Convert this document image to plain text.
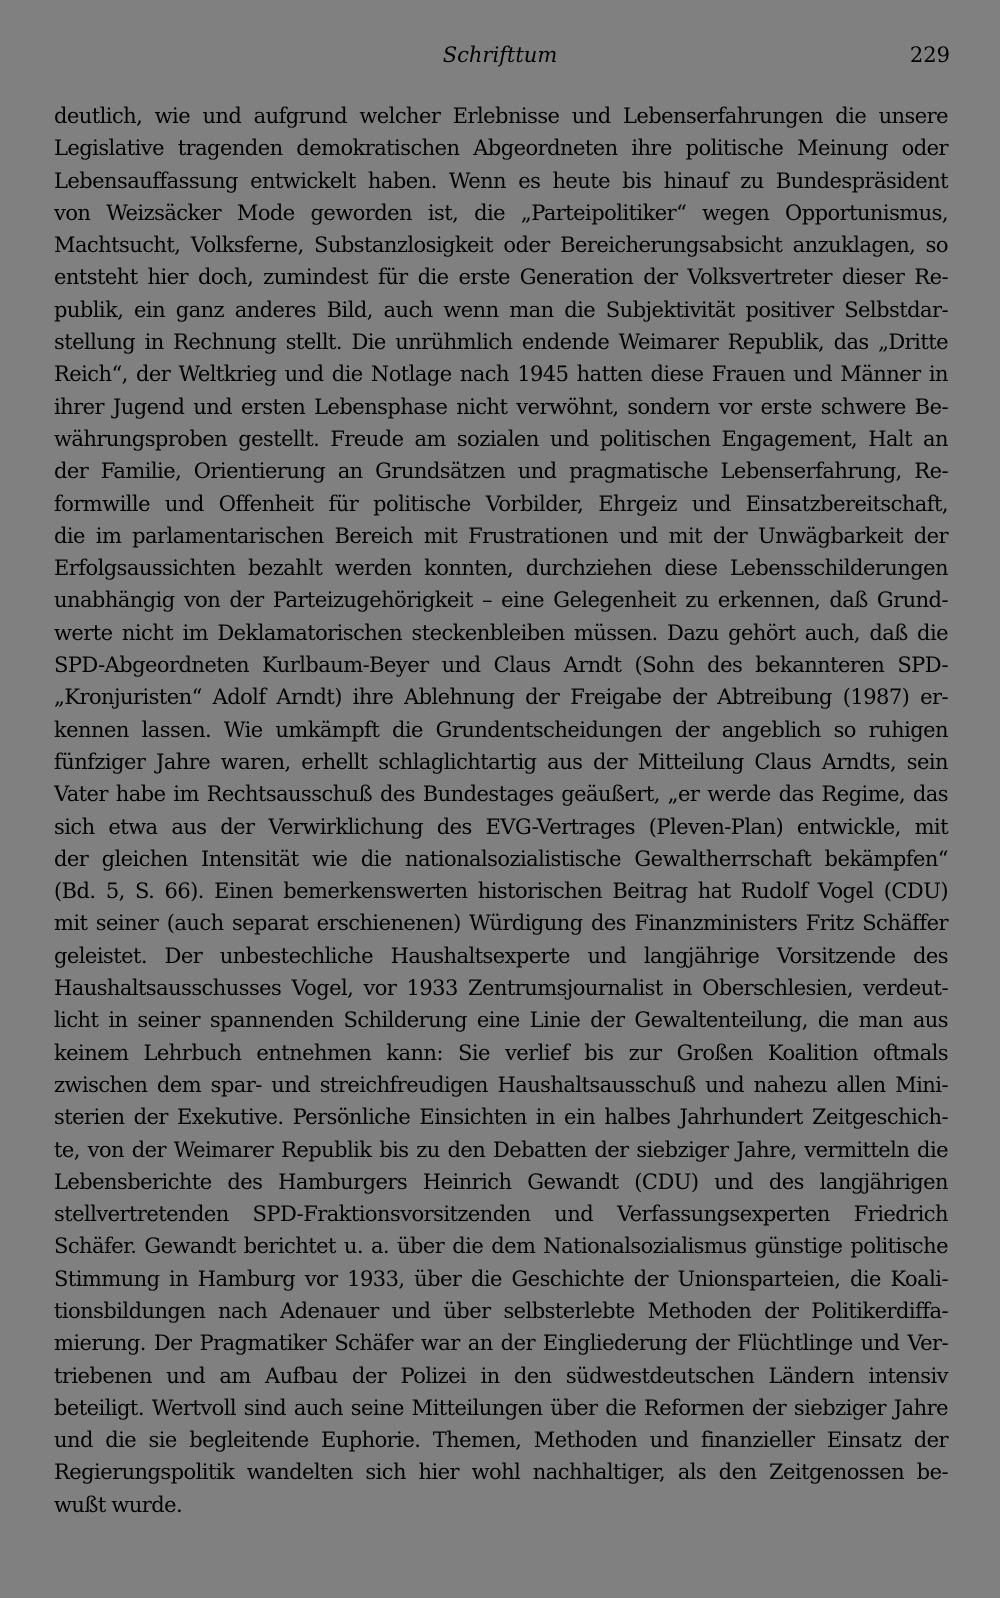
Schrifttum	229
deutlich, wie und aufgrund welcher Erlebnisse und Lebenserfahrungen die unsere
Legislative tragenden demokratischen Abgeordneten ihre politische Meinung oder
Lebensauffassung entwickelt haben. Wenn es heute bis hinauf zu Bundespräsident
von Weizsäcker Mode geworden ist, die „Parteipolitiker“ wegen Opportunismus,
Machtsucht, Volksferne, Substanzlosigkeit oder Bereicherungsabsicht anzuklagen, so
entsteht hier doch, zumindest für die erste Generation der Volksvertreter dieser Re-
publik, ein ganz anderes Bild, auch wenn man die Subjektivität positiver Selbstdar-
stellung in Rechnung stellt. Die unrühmlich endende Weimarer Republik, das „Dritte
Reich“, der Weltkrieg und die Notlage nach 1945 hatten diese Frauen und Männer in
ihrer Jugend und ersten Lebensphase nicht verwöhnt, sondern vor erste schwere Be-
währungsproben gestellt. Freude am sozialen und politischen Engagement, Halt an
der Familie, Orientierung an Grundsätzen und pragmatische Lebenserfahrung, Re-
formwille und Offenheit für politische Vorbilder, Ehrgeiz und Einsatzbereitschaft,
die im parlamentarischen Bereich mit Frustrationen und mit der Unwägbarkeit der
Erfolgsaussichten bezahlt werden konnten, durchziehen diese Lebensschilderungen
unabhängig von der Parteizugehörigkeit – eine Gelegenheit zu erkennen, daß Grund-
werte nicht im Deklamatorischen steckenbleiben müssen. Dazu gehört auch, daß die
SPD-Abgeordneten Kurlbaum-Beyer und Claus Arndt (Sohn des bekannteren SPD-
„Kronjuristen“ Adolf Arndt) ihre Ablehnung der Freigabe der Abtreibung (1987) er-
kennen lassen. Wie umkämpft die Grundentscheidungen der angeblich so ruhigen
fünfziger Jahre waren, erhellt schlaglichtartig aus der Mitteilung Claus Arndts, sein
Vater habe im Rechtsausschuß des Bundestages geäußert, „er werde das Regime, das
sich etwa aus der Verwirklichung des EVG-Vertrages (Pleven-Plan) entwickle, mit
der gleichen Intensität wie die nationalsozialistische Gewaltherrschaft bekämpfen“
(Bd. 5, S. 66). Einen bemerkenswerten historischen Beitrag hat Rudolf Vogel (CDU)
mit seiner (auch separat erschienenen) Würdigung des Finanzministers Fritz Schäffer
geleistet. Der unbestechliche Haushaltsexperte und langjährige Vorsitzende des
Haushaltsausschusses Vogel, vor 1933 Zentrumsjournalist in Oberschlesien, verdeut-
licht in seiner spannenden Schilderung eine Linie der Gewaltenteilung, die man aus
keinem Lehrbuch entnehmen kann: Sie verlief bis zur Großen Koalition oftmals
zwischen dem spar- und streichfreudigen Haushaltsausschuß und nahezu allen Mini-
sterien der Exekutive. Persönliche Einsichten in ein halbes Jahrhundert Zeitgeschich-
te, von der Weimarer Republik bis zu den Debatten der siebziger Jahre, vermitteln die
Lebensberichte des Hamburgers Heinrich Gewandt (CDU) und des langjährigen
stellvertretenden SPD-Fraktionsvorsitzenden und Verfassungsexperten Friedrich
Schäfer. Gewandt berichtet u. a. über die dem Nationalsozialismus günstige politische
Stimmung in Hamburg vor 1933, über die Geschichte der Unionsparteien, die Koali-
tionsbildungen nach Adenauer und über selbsterlebte Methoden der Politikerdiffa-
mierung. Der Pragmatiker Schäfer war an der Eingliederung der Flüchtlinge und Ver-
triebenen und am Aufbau der Polizei in den südwestdeutschen Ländern intensiv
beteiligt. Wertvoll sind auch seine Mitteilungen über die Reformen der siebziger Jahre
und die sie begleitende Euphorie. Themen, Methoden und finanzieller Einsatz der
Regierungspolitik wandelten sich hier wohl nachhaltiger, als den Zeitgenossen be-
wußt wurde.
